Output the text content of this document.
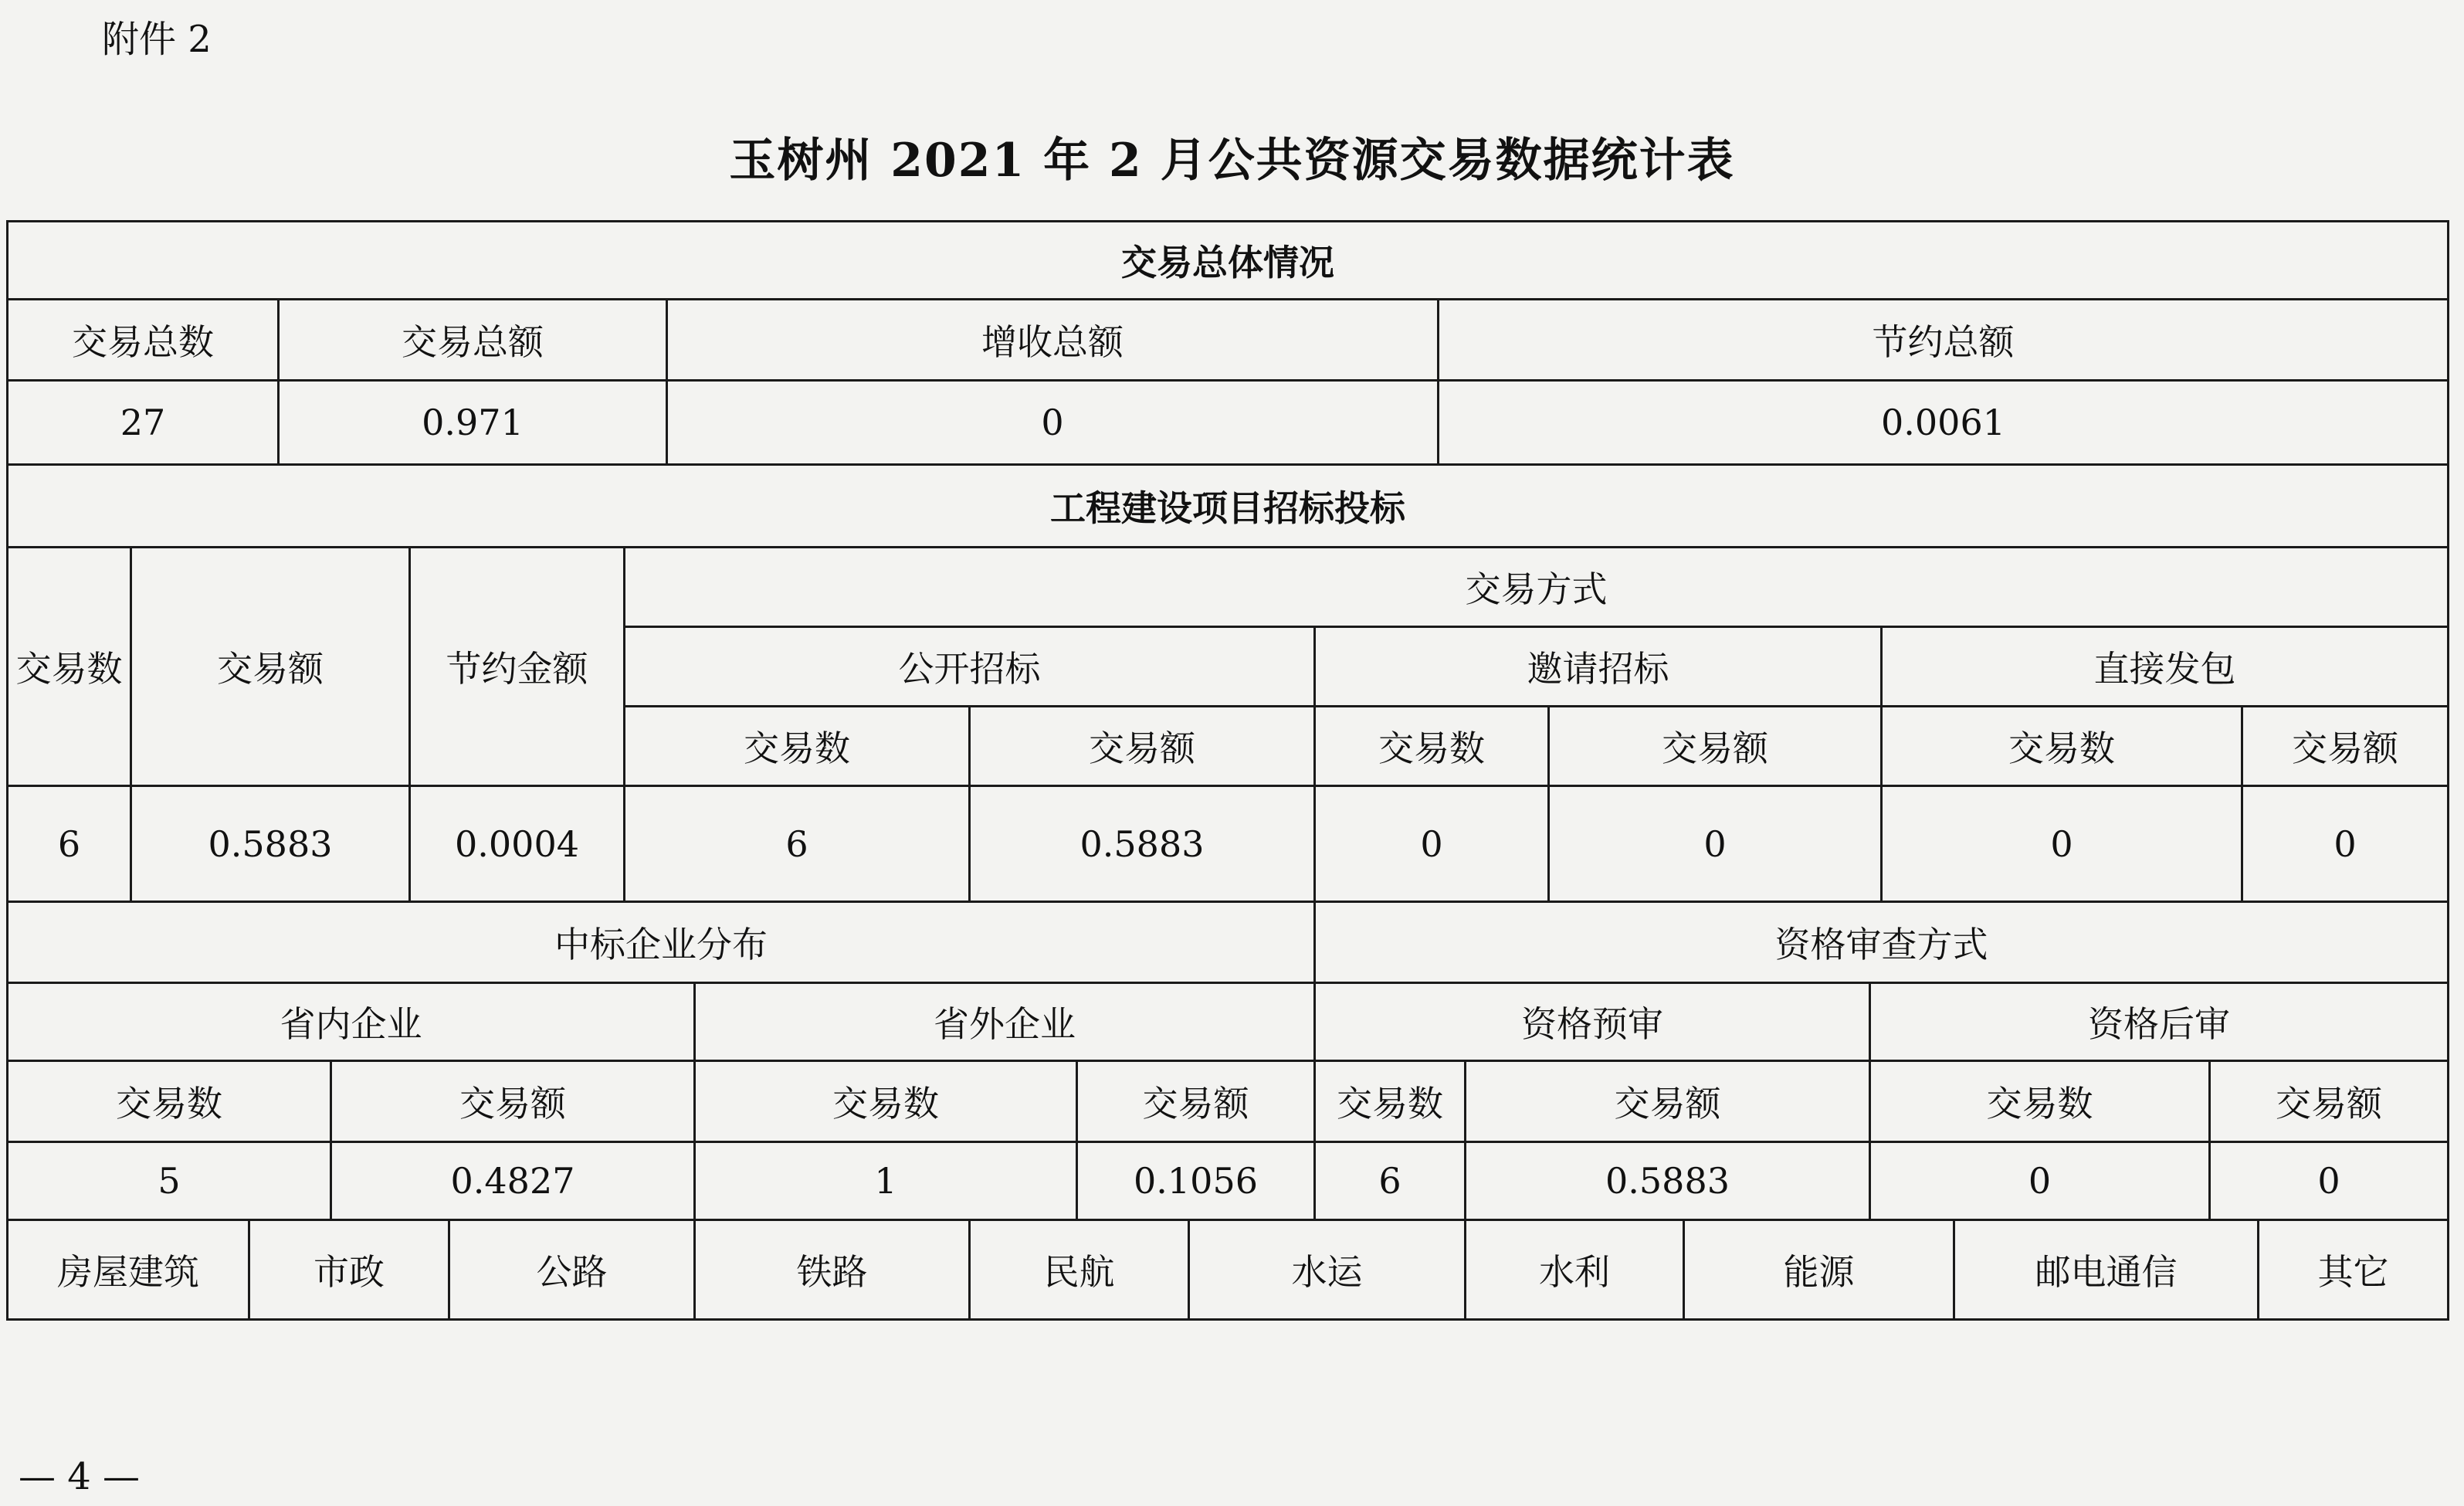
附件 2
玉树州 2021 年 2 月公共资源交易数据统计表
交易总体情况
交易总数	交易总额	增收总额	节约总额
27	0.971	0	0.0061
工程建设项目招标投标
交易数	交易额	节约金额
交易方式
公开招标	邀请招标	直接发包
交易数	交易额	交易数	交易额	交易数	交易额
6	0.5883	0.0004	6	0.5883	0	0	0	0
中标企业分布	资格审查方式
省内企业	省外企业	资格预审	资格后审
交易数	交易额	交易数	交易额	交易数	交易额	交易数	交易额
5	0.4827	1	0.1056	6	0.5883	0	0
房屋建筑	市政	公路	铁路	民航	水运	水利	能源	邮电通信	其它
— 4 —
